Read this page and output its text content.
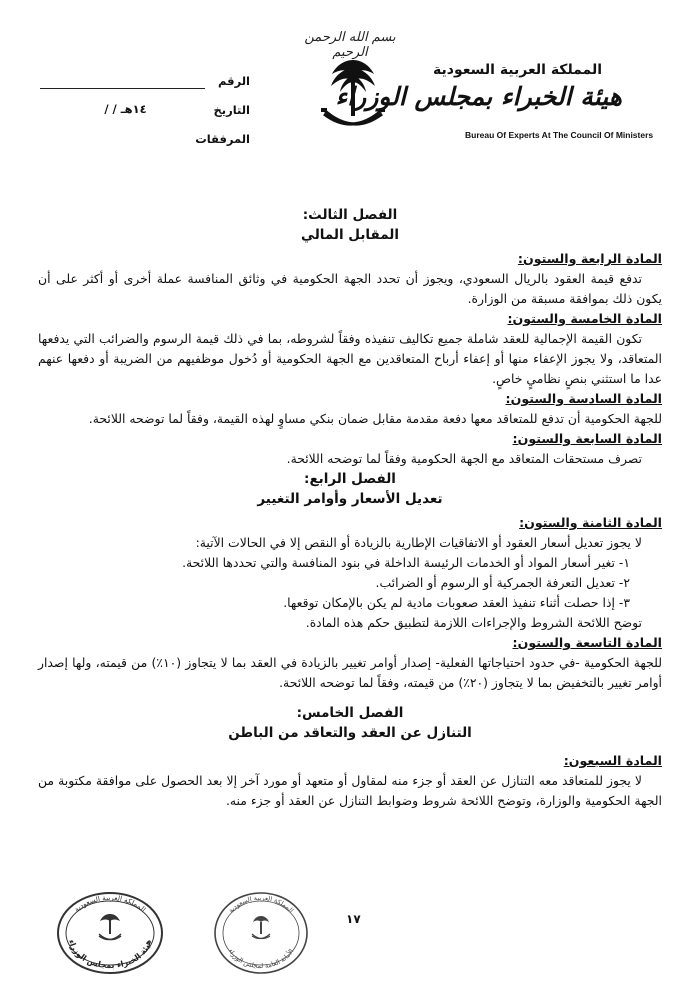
بسم الله الرحمن الرحيم
المملكة العربية السعودية
هيئة الخبراء بمجلس الوزراء
Bureau Of Experts At The Council Of Ministers
الرقم
التاريخ
/ / ١٤هـ
المرفقات
الفصل الثالث:
المقابل المالي
المادة الرابعة والستون:
تدفع قيمة العقود بالريال السعودي، ويجوز أن تحدد الجهة الحكومية في وثائق المنافسة عملة أخرى أو أكثر على أن يكون ذلك بموافقة مسبقة من الوزارة.
المادة الخامسة والستون:
تكون القيمة الإجمالية للعقد شاملة جميع تكاليف تنفيذه وفقاً لشروطه، بما في ذلك قيمة الرسوم والضرائب التي يدفعها المتعاقد، ولا يجوز الإعفاء منها أو إعفاء أرباح المتعاقدين مع الجهة الحكومية أو دُخول موظفيهم من الضريبة أو دفعها عنهم عدا ما استثني بنصٍ نظاميٍ خاصٍ.
المادة السادسة والستون:
للجهة الحكومية أن تدفع للمتعاقد معها دفعة مقدمة مقابل ضمان بنكي مساوٍ لهذه القيمة، وفقاً لما توضحه اللائحة.
المادة السابعة والستون:
تصرف مستحقات المتعاقد مع الجهة الحكومية وفقاً لما توضحه اللائحة.
الفصل الرابع:
تعديل الأسعار وأوامر التغيير
المادة الثامنة والستون:
لا يجوز تعديل أسعار العقود أو الاتفاقيات الإطارية بالزيادة أو النقص إلا في الحالات الآتية:
١- تغير أسعار المواد أو الخدمات الرئيسة الداخلة في بنود المنافسة والتي تحددها اللائحة.
٢- تعديل التعرفة الجمركية أو الرسوم أو الضرائب.
٣- إذا حصلت أثناء تنفيذ العقد صعوبات مادية لم يكن بالإمكان توقعها.
توضح اللائحة الشروط والإجراءات اللازمة لتطبيق حكم هذه المادة.
المادة التاسعة والستون:
للجهة الحكومية -في حدود احتياجاتها الفعلية- إصدار أوامر تغيير بالزيادة في العقد بما لا يتجاوز (١٠٪) من قيمته، ولها إصدار أوامر تغيير بالتخفيض بما لا يتجاوز (٢٠٪) من قيمته، وفقاً لما توضحه اللائحة.
الفصل الخامس:
التنازل عن العقد والتعاقد من الباطن
المادة السبعون:
لا يجوز للمتعاقد معه التنازل عن العقد أو جزء منه لمقاول أو متعهد أو مورد آخر إلا بعد الحصول على موافقة مكتوبة من الجهة الحكومية والوزارة، وتوضح اللائحة شروط وضوابط التنازل عن العقد أو جزء منه.
١٧
المملكة العربية السعودية
هيئة الخبراء بمجلس الوزراء
المملكة العربية السعودية
الأمانة العامة لمجلس الوزراء
